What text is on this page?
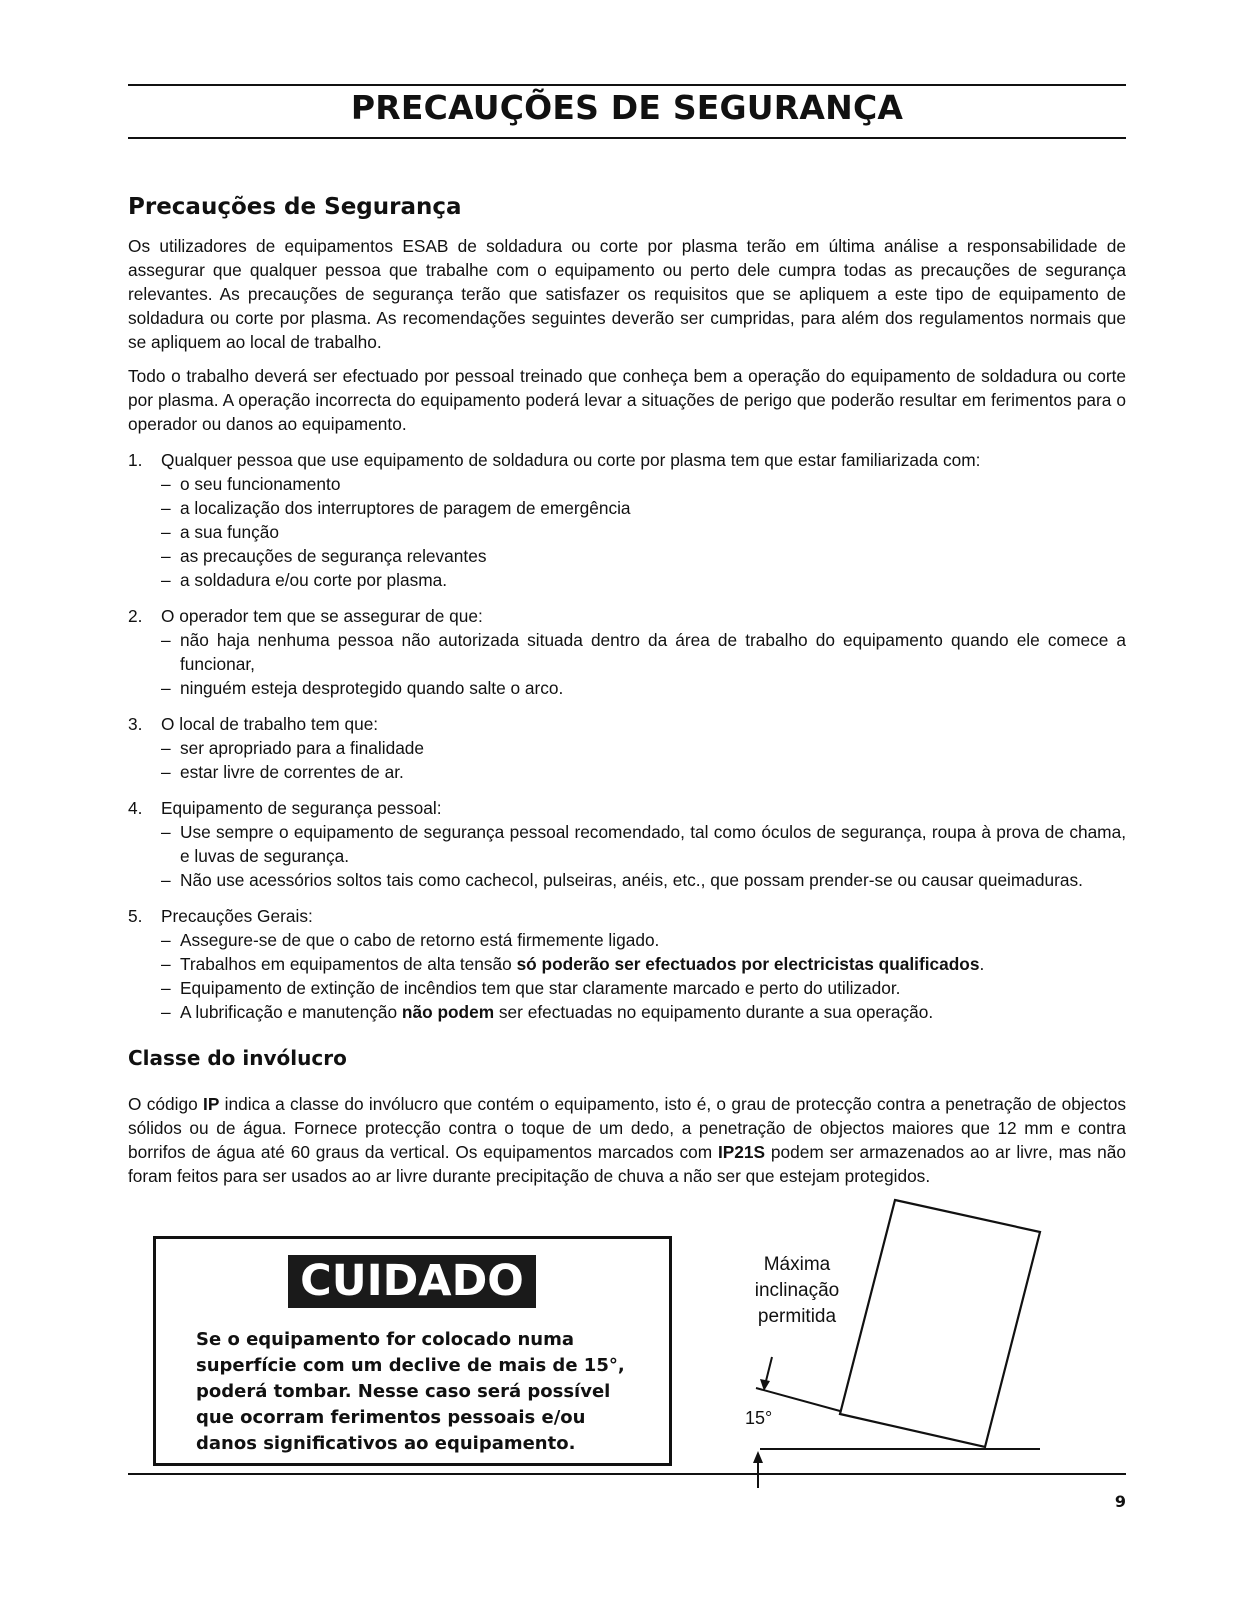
PRECAUÇÕES DE SEGURANÇA
Precauções de Segurança

Os utilizadores de equipamentos ESAB de soldadura ou corte por plasma terão em última análise a responsabilidade de assegurar que qualquer pessoa que trabalhe com o equipamento ou perto dele cumpra todas as precauções de segurança relevantes. As precauções de segurança terão que satisfazer os requisitos que se apliquem a este tipo de equipamento de soldadura ou corte por plasma. As recomendações seguintes deverão ser cumpridas, para além dos regulamentos normais que se apliquem ao local de trabalho.

Todo o trabalho deverá ser efectuado por pessoal treinado que conheça bem a operação do equipamento de soldadura ou corte por plasma. A operação incorrecta do equipamento poderá levar a situações de perigo que poderão resultar em ferimentos para o operador ou danos ao equipamento.

1. Qualquer pessoa que use equipamento de soldadura ou corte por plasma tem que estar familiarizada com:
– o seu funcionamento
– a localização dos interruptores de paragem de emergência
– a sua função
– as precauções de segurança relevantes
– a soldadura e/ou corte por plasma.
2. O operador tem que se assegurar de que:
– não haja nenhuma pessoa não autorizada situada dentro da área de trabalho do equipamento quando ele comece a funcionar,
– ninguém esteja desprotegido quando salte o arco.
3. O local de trabalho tem que:
– ser apropriado para a finalidade
– estar livre de correntes de ar.
4. Equipamento de segurança pessoal:
– Use sempre o equipamento de segurança pessoal recomendado, tal como óculos de segurança, roupa à prova de chama, e luvas de segurança.
– Não use acessórios soltos tais como cachecol, pulseiras, anéis, etc., que possam prender-se ou causar queimaduras.
5. Precauções Gerais:
– Assegure-se de que o cabo de retorno está firmemente ligado.
– Trabalhos em equipamentos de alta tensão só poderão ser efectuados por electricistas qualificados.
– Equipamento de extinção de incêndios tem que star claramente marcado e perto do utilizador.
– A lubrificação e manutenção não podem ser efectuadas no equipamento durante a sua operação.
Classe do invólucro

O código IP indica a classe do invólucro que contém o equipamento, isto é, o grau de protecção contra a penetração de objectos sólidos ou de água. Fornece protecção contra o toque de um dedo, a penetração de objectos maiores que 12 mm e contra borrifos de água até 60 graus da vertical. Os equipamentos marcados com IP21S podem ser armazenados ao ar livre, mas não foram feitos para ser usados ao ar livre durante precipitação de chuva a não ser que estejam protegidos.

CUIDADO
Se o equipamento for colocado numa superfície com um declive de mais de 15°, poderá tombar. Nesse caso será possível que ocorram ferimentos pessoais e/ou danos significativos ao equipamento.
Máxima
inclinação
permitida
15°
9
